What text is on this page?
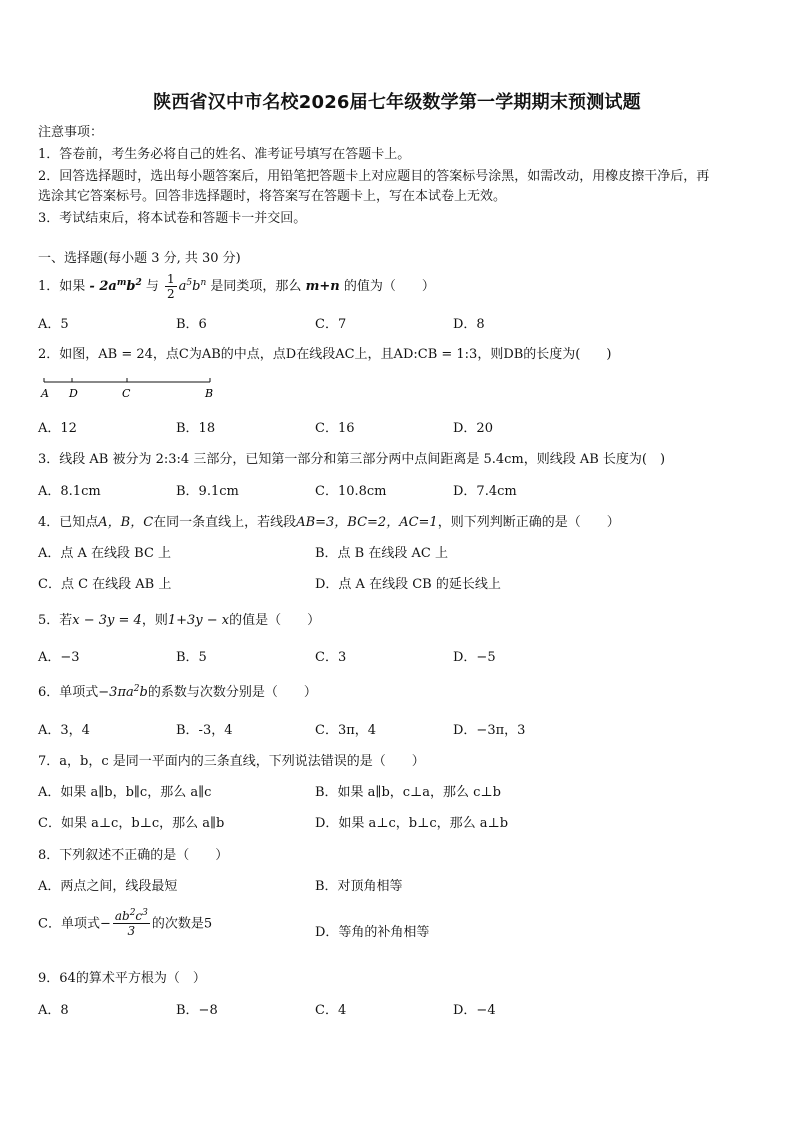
陕西省汉中市名校2026届七年级数学第一学期期末预测试题
注意事项：
1．答卷前，考生务必将自己的姓名、准考证号填写在答题卡上。
2．回答选择题时，选出每小题答案后，用铅笔把答题卡上对应题目的答案标号涂黑，如需改动，用橡皮擦干净后，再
选涂其它答案标号。回答非选择题时，将答案写在答题卡上，写在本试卷上无效。
3．考试结束后，将本试卷和答题卡一并交回。
一、选择题(每小题 3 分, 共 30 分)
1．如果 - $2a^mb^2$ 与 $\frac{1}{2} a^5b^n$ 是同类项，那么 m+n 的值为（　　）
A．5	B．6	C．7	D．8
2．如图，AB = 24，点C为AB的中点，点D在线段AC上，且AD:CB = 1:3，则DB的长度为(　　)
A D	C	B
A．12	B．18	C．16	D．20
3．线段 AB 被分为 2:3:4 三部分，已知第一部分和第三部分两中点间距离是 5.4cm，则线段 AB 长度为(　)
A．8.1cm	B．9.1cm	C．10.8cm	D．7.4cm
4．已知点A，B，C在同一条直线上，若线段AB=3，BC=2，AC=1，则下列判断正确的是（　　）
A．点 A 在线段 BC 上	B．点 B 在线段 AC 上
C．点 C 在线段 AB 上	D．点 A 在线段 CB 的延长线上
5．若x − 3y = 4，则1+3y − x的值是（　　）
A．−3	B．5	C．3	D．−5
6．单项式$-3\pi a^2b$的系数与次数分别是（　　）
A．3，4	B．-3，4	C．3π，4	D．−3π，3
7．a，b，c 是同一平面内的三条直线，下列说法错误的是（　　）
A．如果 a∥b，b∥c，那么 a∥c	B．如果 a∥b，c⊥a，那么 c⊥b
C．如果 a⊥c，b⊥c，那么 a∥b	D．如果 a⊥c，b⊥c，那么 a⊥b
8．下列叙述不正确的是（　　）
A．两点之间，线段最短	B．对顶角相等
C．单项式− $\frac{ab^2c^3}{3}$ 的次数是5
D．等角的补角相等
9．64的算术平方根为（　）
A．8	B．−8	C．4	D．−4
